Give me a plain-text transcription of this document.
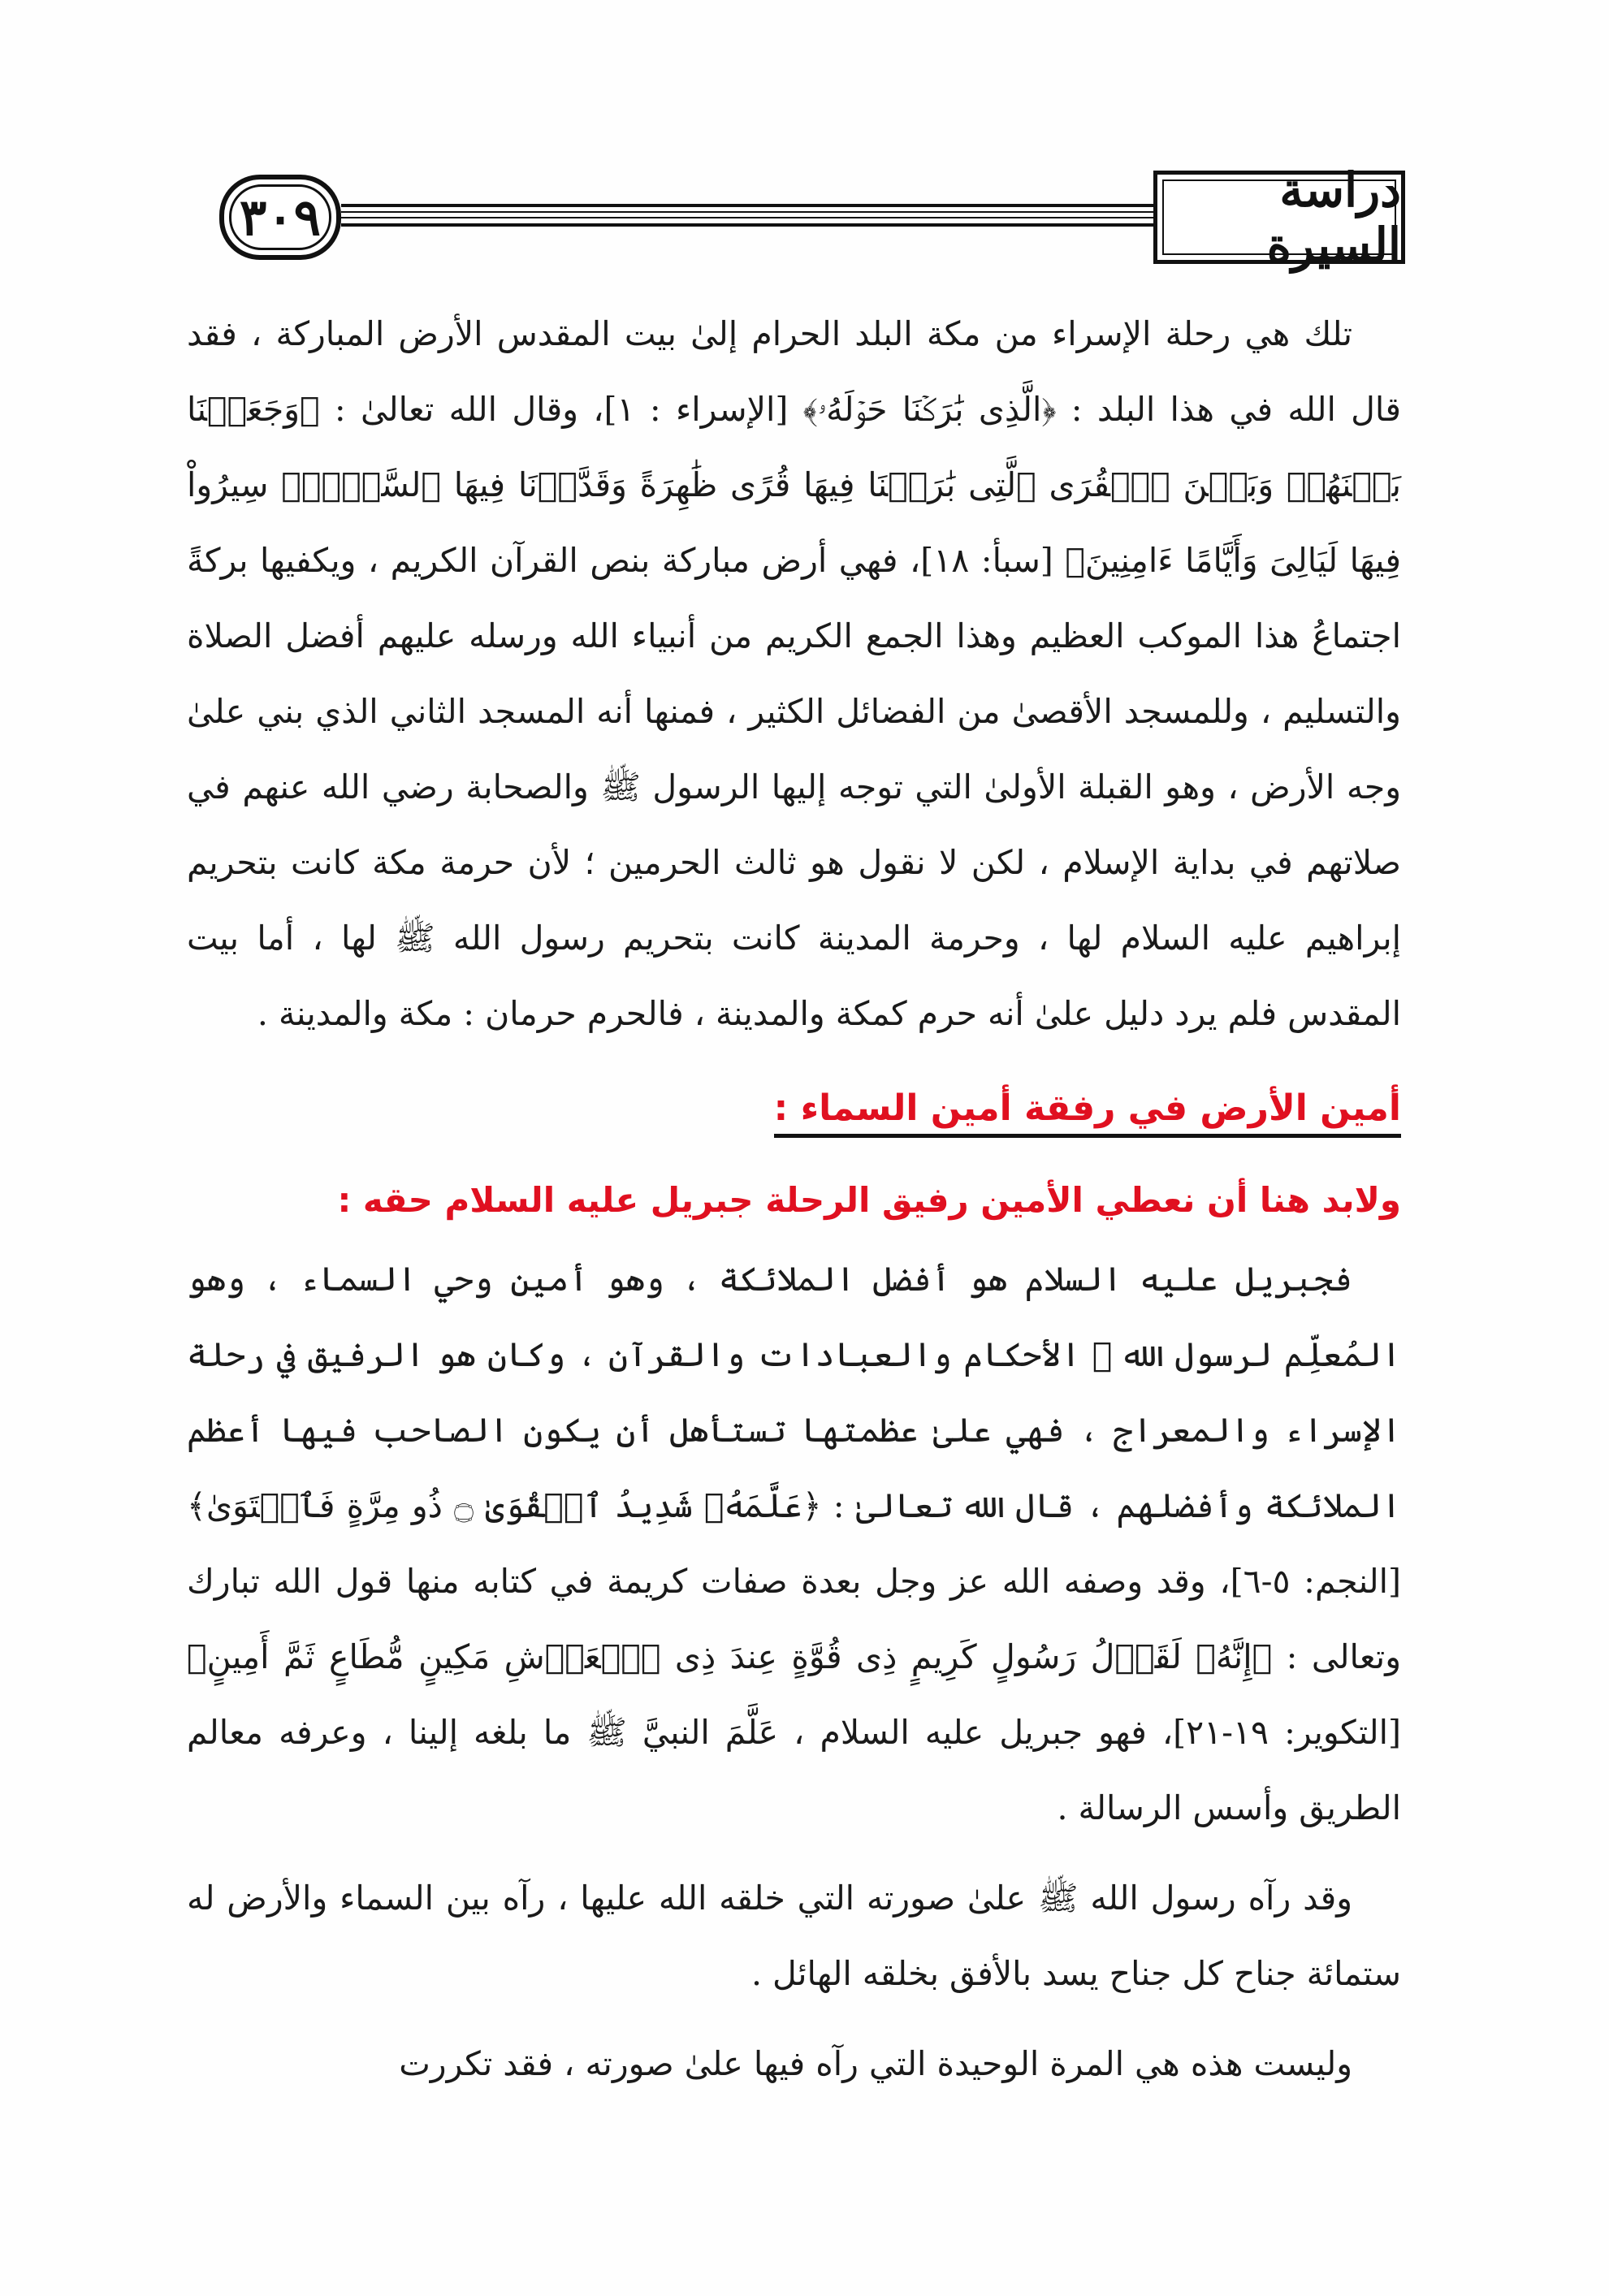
٣٠٩	دراسة السيرة

تلك هي رحلة الإسراء من مكة البلد الحرام إلىٰ بيت المقدس الأرض المباركة ، فقد قال الله في هذا البلد : ﴿الَّذِى بَٰرَكۡنَا حَوۡلَهُۥ﴾ [الإسراء : ١]، وقال الله تعالىٰ : ﴿وَجَعَلۡنَا بَيۡنَهُمۡ وَبَيۡنَ ٱلۡقُرَى ٱلَّتِى بَٰرَكۡنَا فِيهَا قُرًى ظَٰهِرَةً وَقَدَّرۡنَا فِيهَا ٱلسَّيۡرَۖ سِيرُواْ فِيهَا لَيَالِىَ وَأَيَّامًا ءَامِنِينَ﴾ [سبأ: ١٨]، فهي أرض مباركة بنص القرآن الكريم ، ويكفيها بركةً اجتماعُ هذا الموكب العظيم وهذا الجمع الكريم من أنبياء الله ورسله عليهم أفضل الصلاة والتسليم ، وللمسجد الأقصىٰ من الفضائل الكثير ، فمنها أنه المسجد الثاني الذي بني علىٰ وجه الأرض ، وهو القبلة الأولىٰ التي توجه إليها الرسول ﷺ والصحابة رضي الله عنهم في صلاتهم في بداية الإسلام ، لكن لا نقول هو ثالث الحرمين ؛ لأن حرمة مكة كانت بتحريم إبراهيم عليه السلام لها ، وحرمة المدينة كانت بتحريم رسول الله ﷺ لها ، أما بيت المقدس فلم يرد دليل علىٰ أنه حرم كمكة والمدينة ، فالحرم حرمان : مكة والمدينة .

أمين الأرض في رفقة أمين السماء :
ولابد هنا أن نعطي الأمين رفيق الرحلة جبريل عليه السلام حقه :

فجبريل عليه السلام هو أفضل الملائكة ، وهو أمين وحي السماء ، وهو المُعلِّم لرسول الله ﷺ الأحكام والعبادات والقرآن ، وكان هو الرفيق في رحلة الإسراء والمعراج ، فهي علىٰ عظمتها تستأهل أن يكون الصاحب فيها أعظم الملائكة وأفضلهم ، قال الله تعالىٰ : ﴿عَلَّمَهُۥ شَدِيدُ ٱلۡقُوَىٰ ۝ ذُو مِرَّةٍ فَٱسۡتَوَىٰ﴾ [النجم: ٥-٦]، وقد وصفه الله عز وجل بعدة صفات كريمة في كتابه منها قول الله تبارك وتعالى : ﴿إِنَّهُۥ لَقَوۡلُ رَسُولٍ كَرِيمٍ ذِى قُوَّةٍ عِندَ ذِى ٱلۡعَرۡشِ مَكِينٍ مُّطَاعٍ ثَمَّ أَمِينٍ﴾ [التكوير: ١٩-٢١]، فهو جبريل عليه السلام ، عَلَّمَ النبيَّ ﷺ ما بلغه إلينا ، وعرفه معالم الطريق وأسس الرسالة .

وقد رآه رسول الله ﷺ علىٰ صورته التي خلقه الله عليها ، رآه بين السماء والأرض له ستمائة جناح كل جناح يسد بالأفق بخلقه الهائل .

وليست هذه هي المرة الوحيدة التي رآه فيها علىٰ صورته ، فقد تكررت
